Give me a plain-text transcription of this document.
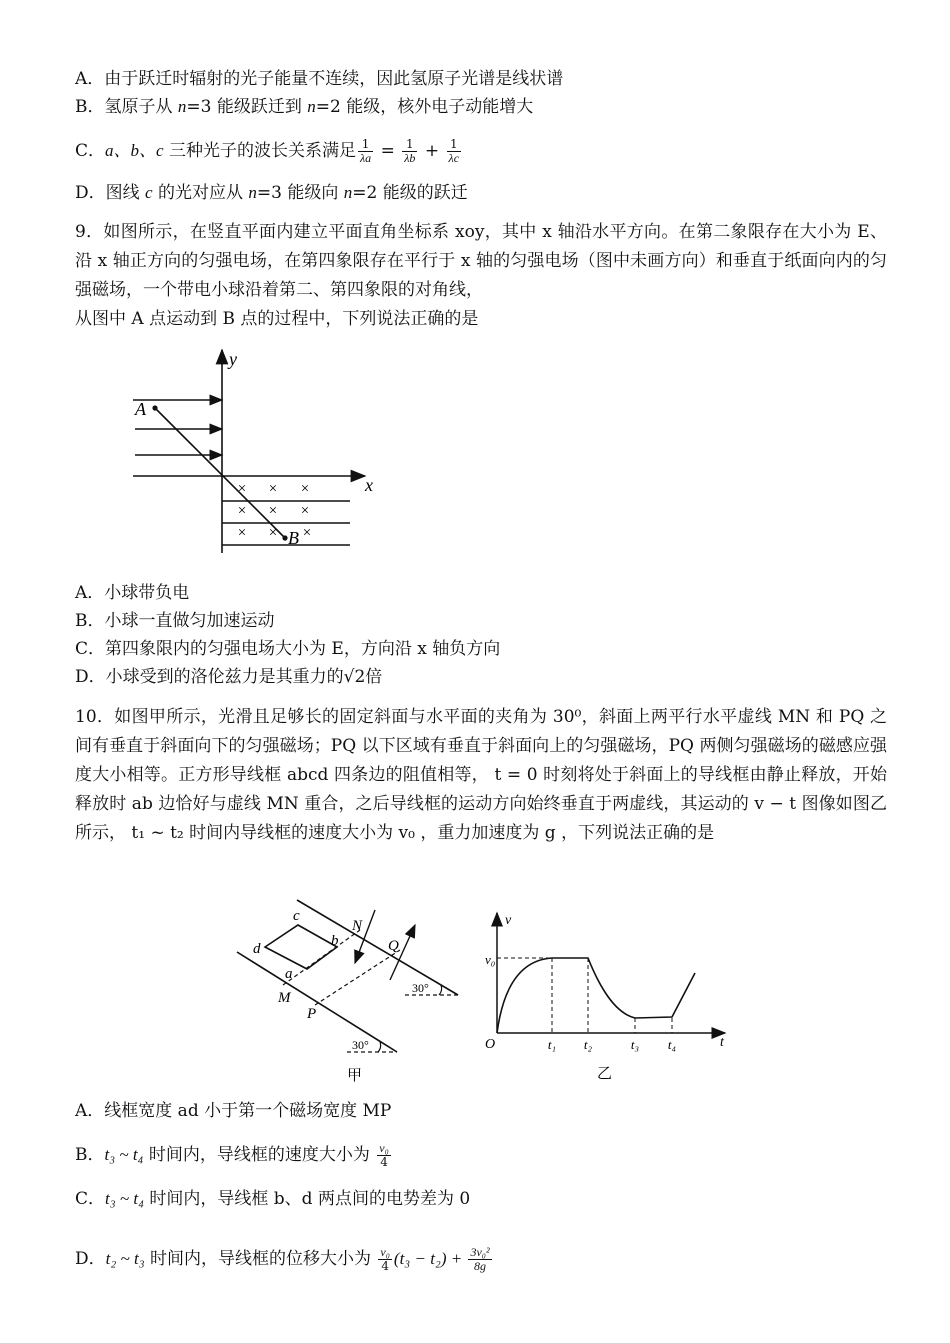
A．由于跃迁时辐射的光子能量不连续，因此氢原子光谱是线状谱
B．氢原子从 n=3 能级跃迁到 n=2 能级，核外电子动能增大
C．a、b、c 三种光子的波长关系满足 $\frac{1}{\lambda a} = \frac{1}{\lambda b} + \frac{1}{\lambda c}$
D．图线 c 的光对应从 n=3 能级向 n=2 能级的跃迁
9．如图所示，在竖直平面内建立平面直角坐标系 xoy，其中 x 轴沿水平方向。在第二象限存在大小为 E、沿 x 轴正方向的匀强电场，在第四象限存在平行于 x 轴的匀强电场（图中未画方向）和垂直于纸面向内的匀强磁场，一个带电小球沿着第二、第四象限的对角线，
从图中 A 点运动到 B 点的过程中，下列说法正确的是
y
x
A
B
× × ×
× × ×
× × ×
A．小球带负电
B．小球一直做匀加速运动
C．第四象限内的匀强电场大小为 E，方向沿 x 轴负方向
D．小球受到的洛伦兹力是其重力的√2倍
10．如图甲所示，光滑且足够长的固定斜面与水平面的夹角为 30⁰，斜面上两平行水平虚线 MN 和 PQ 之间有垂直于斜面向下的匀强磁场；PQ 以下区域有垂直于斜面向上的匀强磁场，PQ 两侧匀强磁场的磁感应强度大小相等。正方形导线框 abcd 四条边的阻值相等， t = 0 时刻将处于斜面上的导线框由静止释放，开始释放时 ab 边恰好与虚线 MN 重合，之后导线框的运动方向始终垂直于两虚线，其运动的 v − t 图像如图乙所示， t₁ ~ t₂ 时间内导线框的速度大小为 v₀ ，重力加速度为 g ，下列说法正确的是
30°
30°
c
d	b
a
M
N
P
Q
甲
v
t
O
v₀
t₁ t₂	t₃ t₄
乙
A．线框宽度 ad 小于第一个磁场宽度 MP
B．t₃ ~ t₄ 时间内，导线框的速度大小为 $\frac{\text{v₀}}{4}$
C．t₃ ~ t₄ 时间内，导线框 b、d 两点间的电势差为 0
D．t₂ ~ t₃ 时间内，导线框的位移大小为 $\frac{\text{v₀}}{4} (t_3 - t_2) + \frac{\text{3v₀²}}{8g}$
